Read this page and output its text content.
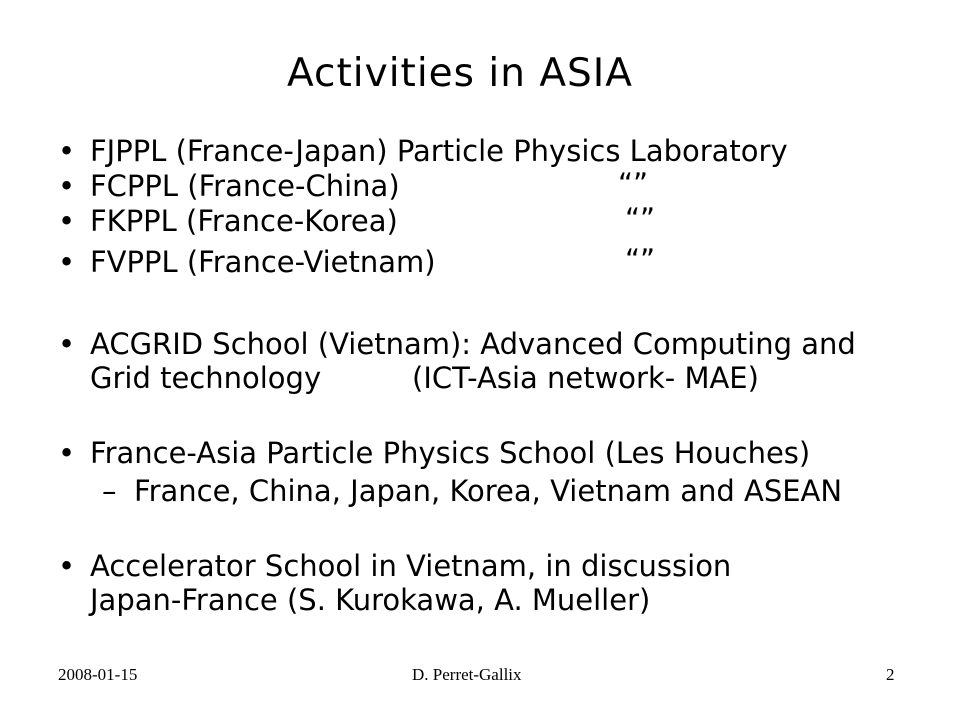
Activities in ASIA
• FJPPL (France-Japan) Particle Physics Laboratory
• FCPPL (France-China)	“”
• FKPPL (France-Korea)	“”
• FVPPL (France-Vietnam)	“”
• ACGRID School (Vietnam): Advanced Computing and
Grid technology	(ICT-Asia network- MAE)
• France-Asia Particle Physics School (Les Houches)
– France, China, Japan, Korea, Vietnam and ASEAN
• Accelerator School in Vietnam, in discussion
Japan-France (S. Kurokawa, A. Mueller)
2008-01-15	D. Perret-Gallix	2
